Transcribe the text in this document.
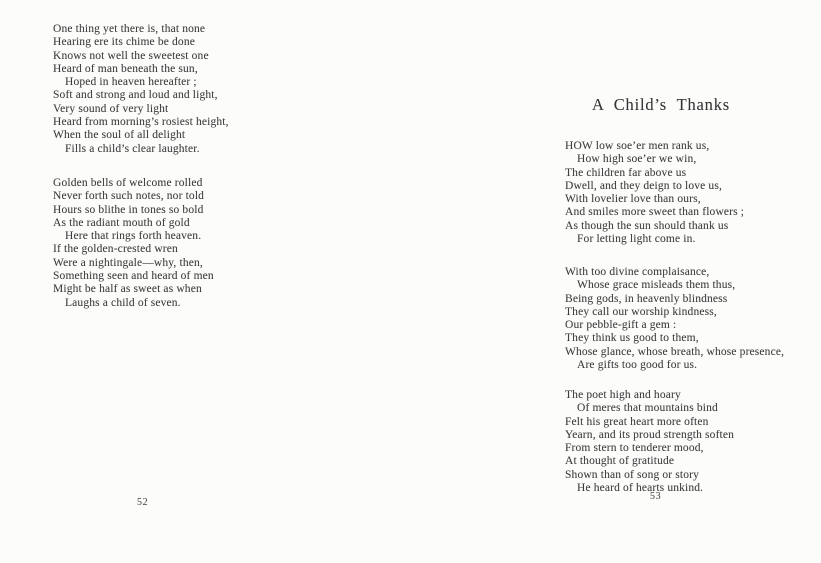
One thing yet there is, that none
Hearing ere its chime be done
Knows not well the sweetest one
Heard of man beneath the sun,
Hoped in heaven hereafter ;
Soft and strong and loud and light,
Very sound of very light
Heard from morning’s rosiest height,
When the soul of all delight
Fills a child’s clear laughter.
Golden bells of welcome rolled
Never forth such notes, nor told
Hours so blithe in tones so bold
As the radiant mouth of gold
Here that rings forth heaven.
If the golden-crested wren
Were a nightingale—why, then,
Something seen and heard of men
Might be half as sweet as when
Laughs a child of seven.
52
A Child’s Thanks
HOW low soe’er men rank us,
How high soe’er we win,
The children far above us
Dwell, and they deign to love us,
With lovelier love than ours,
And smiles more sweet than flowers ;
As though the sun should thank us
For letting light come in.
With too divine complaisance,
Whose grace misleads them thus,
Being gods, in heavenly blindness
They call our worship kindness,
Our pebble-gift a gem :
They think us good to them,
Whose glance, whose breath, whose presence,
Are gifts too good for us.
The poet high and hoary
Of meres that mountains bind
Felt his great heart more often
Yearn, and its proud strength soften
From stern to tenderer mood,
At thought of gratitude
Shown than of song or story
He heard of hearts unkind.
53
